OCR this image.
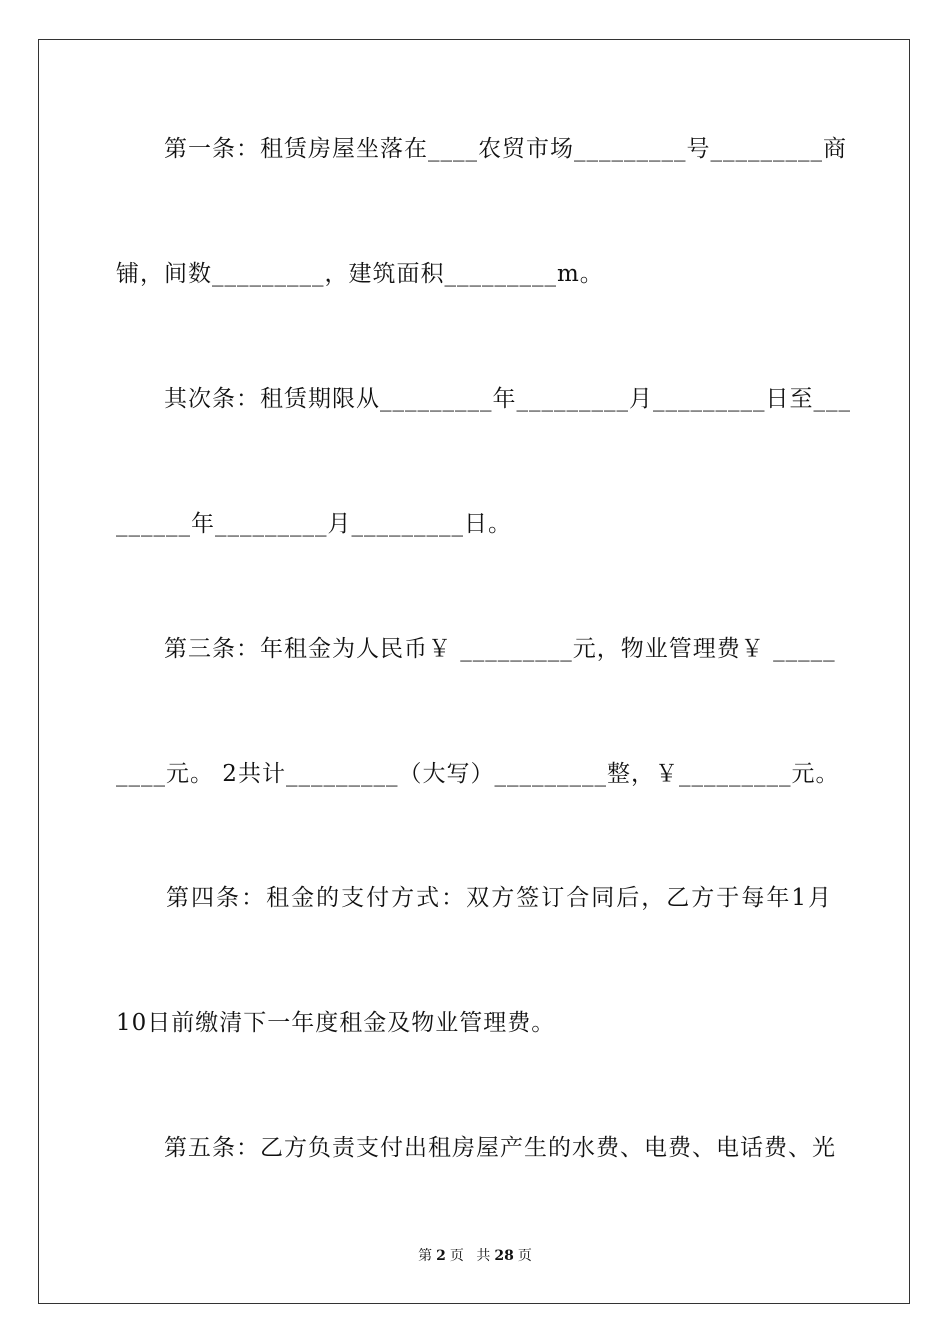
　　第一条：租赁房屋坐落在____农贸市场_________号_________商
铺，间数_________，建筑面积_________m。
　　其次条：租赁期限从_________年_________月_________日至___
______年_________月_________日。
　　第三条：年租金为人民币￥ _________元，物业管理费￥ _____
____元。 2共计_________（大写）_________整，￥_________元。
　　第四条：租金的支付方式：双方签订合同后，乙方于每年1月
10日前缴清下一年度租金及物业管理费。
　　第五条：乙方负责支付出租房屋产生的水费、电费、电话费、光
第 2 页 共 28 页
